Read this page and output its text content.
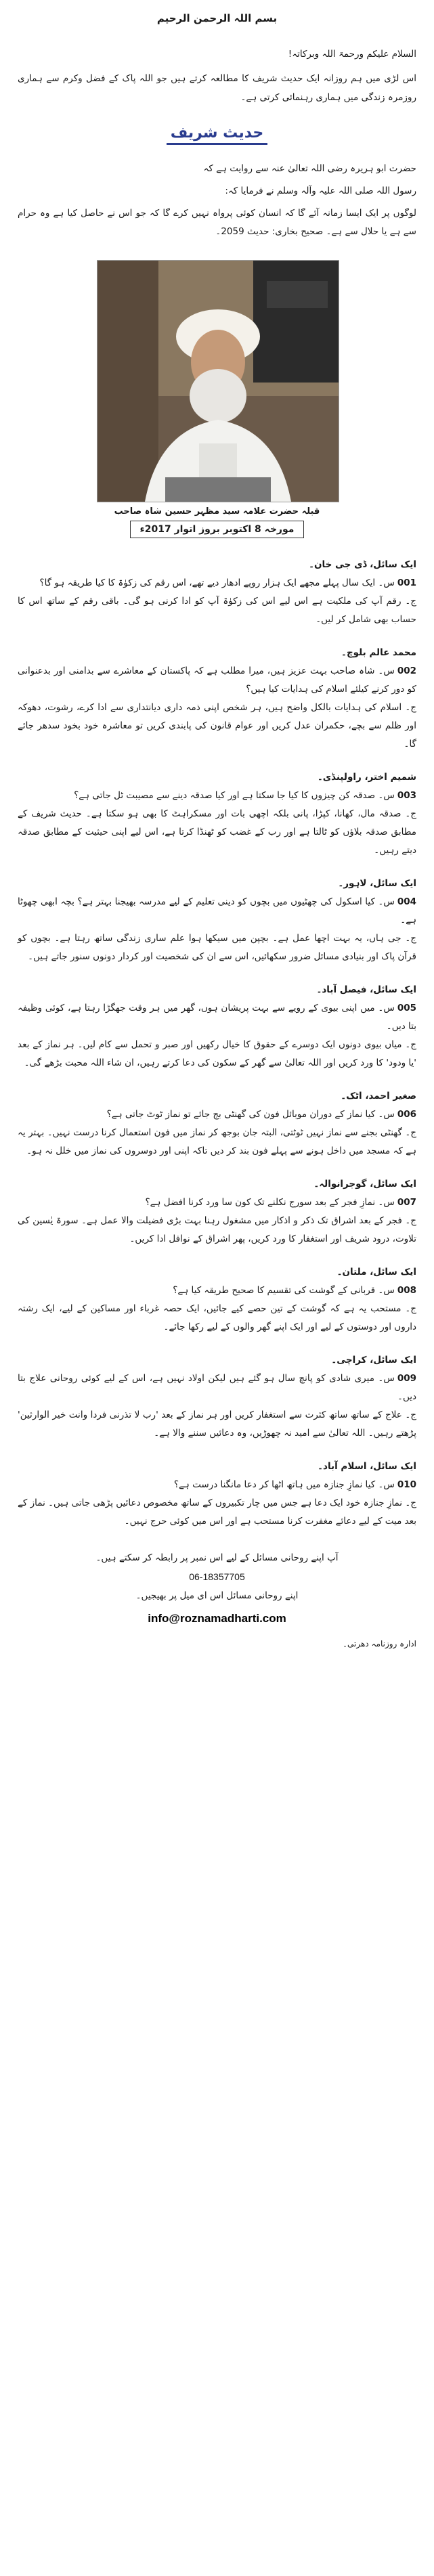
بسم اللہ الرحمن الرحیم

السلام علیکم ورحمۃ اللہ وبرکاتہ!

اس لڑی میں ہم روزانہ ایک حدیث شریف کا مطالعہ کرتے ہیں جو اللہ پاک کے فضل وکرم سے ہماری روزمرہ زندگی میں ہماری رہنمائی کرتی ہے۔

حدیث شریف

حضرت ابو ہریرہ رضی اللہ تعالیٰ عنہ سے روایت ہے کہ

رسول اللہ صلی اللہ علیہ وآلہ وسلم نے فرمایا کہ:

لوگوں پر ایک ایسا زمانہ آئے گا کہ انسان کوئی پرواہ نہیں کرے گا کہ جو اس نے حاصل کیا ہے وہ حرام سے ہے یا حلال سے ہے۔ صحیح بخاری: حدیث 2059۔

قبلہ حضرت علامہ سید مظہر حسین شاہ صاحب
مورخہ 8 اکتوبر بروز اتوار 2017ء

ایک سائل، ڈی جی خان۔

001س۔ ایک سال پہلے مجھے ایک ہزار روپے ادھار دیے تھے، اس رقم کی زکوٰۃ کا کیا طریقہ ہو گا؟

ج۔ رقم آپ کی ملکیت ہے اس لیے اس کی زکوٰۃ آپ کو ادا کرنی ہو گی۔ باقی رقم کے ساتھ اس کا حساب بھی شامل کر لیں۔

محمد عالم بلوچ۔

002س۔ شاہ صاحب بہت عزیز ہیں، میرا مطلب ہے کہ پاکستان کے معاشرے سے بدامنی اور بدعنوانی کو دور کرنے کیلئے اسلام کی ہدایات کیا ہیں؟

ج۔ اسلام کی ہدایات بالکل واضح ہیں، ہر شخص اپنی ذمہ داری دیانتداری سے ادا کرے، رشوت، دھوکہ اور ظلم سے بچے، حکمران عدل کریں اور عوام قانون کی پابندی کریں تو معاشرہ خود بخود سدھر جائے گا۔

شمیم اختر، راولپنڈی۔

003س۔ صدقہ کن چیزوں کا کیا جا سکتا ہے اور کیا صدقہ دینے سے مصیبت ٹل جاتی ہے؟

ج۔ صدقہ مال، کھانا، کپڑا، پانی بلکہ اچھی بات اور مسکراہٹ کا بھی ہو سکتا ہے۔ حدیث شریف کے مطابق صدقہ بلاؤں کو ٹالتا ہے اور رب کے غضب کو ٹھنڈا کرتا ہے، اس لیے اپنی حیثیت کے مطابق صدقہ دیتے رہیں۔

ایک سائل، لاہور۔

004س۔ کیا اسکول کی چھٹیوں میں بچوں کو دینی تعلیم کے لیے مدرسہ بھیجنا بہتر ہے؟ بچہ ابھی چھوٹا ہے۔

ج۔ جی ہاں، یہ بہت اچھا عمل ہے۔ بچپن میں سیکھا ہوا علم ساری زندگی ساتھ رہتا ہے۔ بچوں کو قرآن پاک اور بنیادی مسائل ضرور سکھائیں، اس سے ان کی شخصیت اور کردار دونوں سنور جاتے ہیں۔

ایک سائل، فیصل آباد۔

005س۔ میں اپنی بیوی کے رویے سے بہت پریشان ہوں، گھر میں ہر وقت جھگڑا رہتا ہے، کوئی وظیفہ بتا دیں۔

ج۔ میاں بیوی دونوں ایک دوسرے کے حقوق کا خیال رکھیں اور صبر و تحمل سے کام لیں۔ ہر نماز کے بعد 'یا ودود' کا ورد کریں اور اللہ تعالیٰ سے گھر کے سکون کی دعا کرتے رہیں، ان شاء اللہ محبت بڑھے گی۔

صغیر احمد، اٹک۔

006س۔ کیا نماز کے دوران موبائل فون کی گھنٹی بج جائے تو نماز ٹوٹ جاتی ہے؟

ج۔ گھنٹی بجنے سے نماز نہیں ٹوٹتی، البتہ جان بوجھ کر نماز میں فون استعمال کرنا درست نہیں۔ بہتر یہ ہے کہ مسجد میں داخل ہونے سے پہلے فون بند کر دیں تاکہ اپنی اور دوسروں کی نماز میں خلل نہ ہو۔

ایک سائل، گوجرانوالہ۔

007س۔ نمازِ فجر کے بعد سورج نکلنے تک کون سا ورد کرنا افضل ہے؟

ج۔ فجر کے بعد اشراق تک ذکر و اذکار میں مشغول رہنا بہت بڑی فضیلت والا عمل ہے۔ سورۃ یٰسین کی تلاوت، درود شریف اور استغفار کا ورد کریں، پھر اشراق کے نوافل ادا کریں۔

ایک سائل، ملتان۔

008س۔ قربانی کے گوشت کی تقسیم کا صحیح طریقہ کیا ہے؟

ج۔ مستحب یہ ہے کہ گوشت کے تین حصے کیے جائیں، ایک حصہ غرباء اور مساکین کے لیے، ایک رشتہ داروں اور دوستوں کے لیے اور ایک اپنے گھر والوں کے لیے رکھا جائے۔

ایک سائل، کراچی۔

009س۔ میری شادی کو پانچ سال ہو گئے ہیں لیکن اولاد نہیں ہے، اس کے لیے کوئی روحانی علاج بتا دیں۔

ج۔ علاج کے ساتھ ساتھ کثرت سے استغفار کریں اور ہر نماز کے بعد 'رب لا تذرنی فردا وانت خیر الوارثین' پڑھتے رہیں۔ اللہ تعالیٰ سے امید نہ چھوڑیں، وہ دعائیں سننے والا ہے۔

ایک سائل، اسلام آباد۔

010س۔ کیا نمازِ جنازہ میں ہاتھ اٹھا کر دعا مانگنا درست ہے؟

ج۔ نمازِ جنازہ خود ایک دعا ہے جس میں چار تکبیروں کے ساتھ مخصوص دعائیں پڑھی جاتی ہیں۔ نماز کے بعد میت کے لیے دعائے مغفرت کرنا مستحب ہے اور اس میں کوئی حرج نہیں۔

آپ اپنے روحانی مسائل کے لیے اس نمبر پر رابطہ کر سکتے ہیں۔
06-18357705
اپنے روحانی مسائل اس ای میل پر بھیجیں۔
info@roznamadharti.com
ادارہ روزنامہ دھرتی۔
